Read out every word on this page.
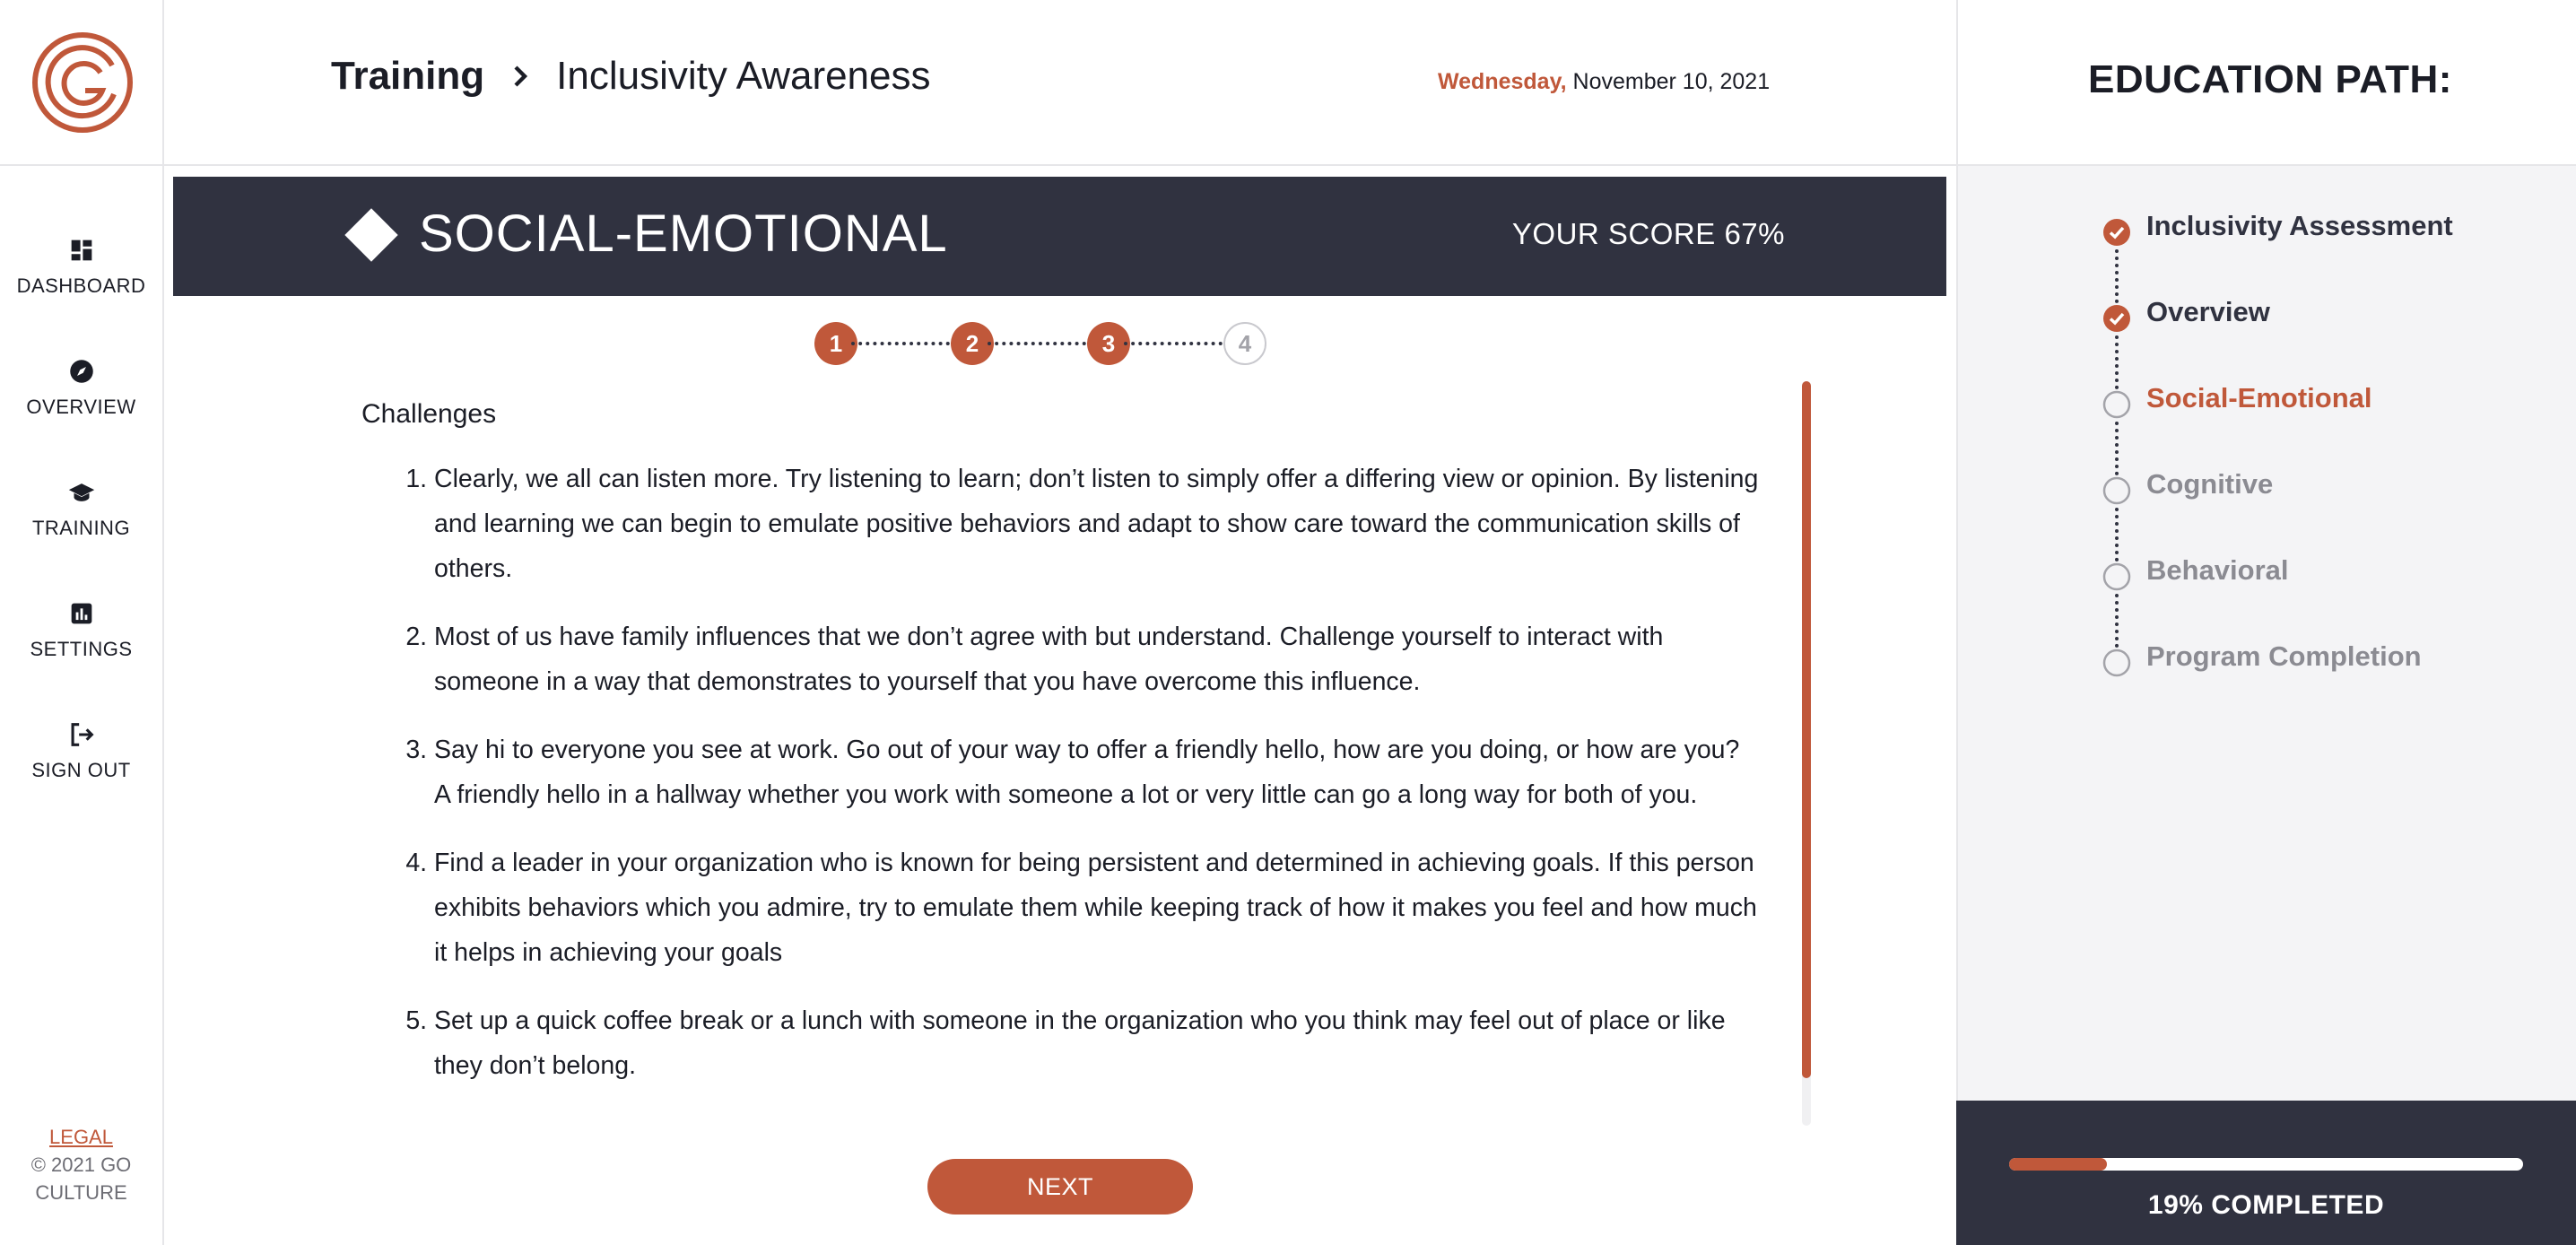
DASHBOARD
OVERVIEW
TRAINING
SETTINGS
SIGN OUT
LEGAL
© 2021 GO
CULTURE
Training Inclusivity Awareness	Wednesday, November 10, 2021
SOCIAL-EMOTIONAL	YOUR SCORE 67%
1	2	3	4
Challenges
1. Clearly, we all can listen more. Try listening to learn; don’t listen to simply offer a differing view or opinion. By listening and learning we can begin to emulate positive behaviors and adapt to show care toward the communication skills of others.
2. Most of us have family influences that we don’t agree with but understand. Challenge yourself to interact with someone in a way that demonstrates to yourself that you have overcome this influence.
3. Say hi to everyone you see at work. Go out of your way to offer a friendly hello, how are you doing, or how are you? A friendly hello in a hallway whether you work with someone a lot or very little can go a long way for both of you.
4. Find a leader in your organization who is known for being persistent and determined in achieving goals. If this person exhibits behaviors which you admire, try to emulate them while keeping track of how it makes you feel and how much it helps in achieving your goals
5. Set up a quick coffee break or a lunch with someone in the organization who you think may feel out of place or like they don’t belong.
NEXT
EDUCATION PATH:
Inclusivity Assessment
Overview
Social-Emotional
Cognitive
Behavioral
Program Completion
19% COMPLETED
